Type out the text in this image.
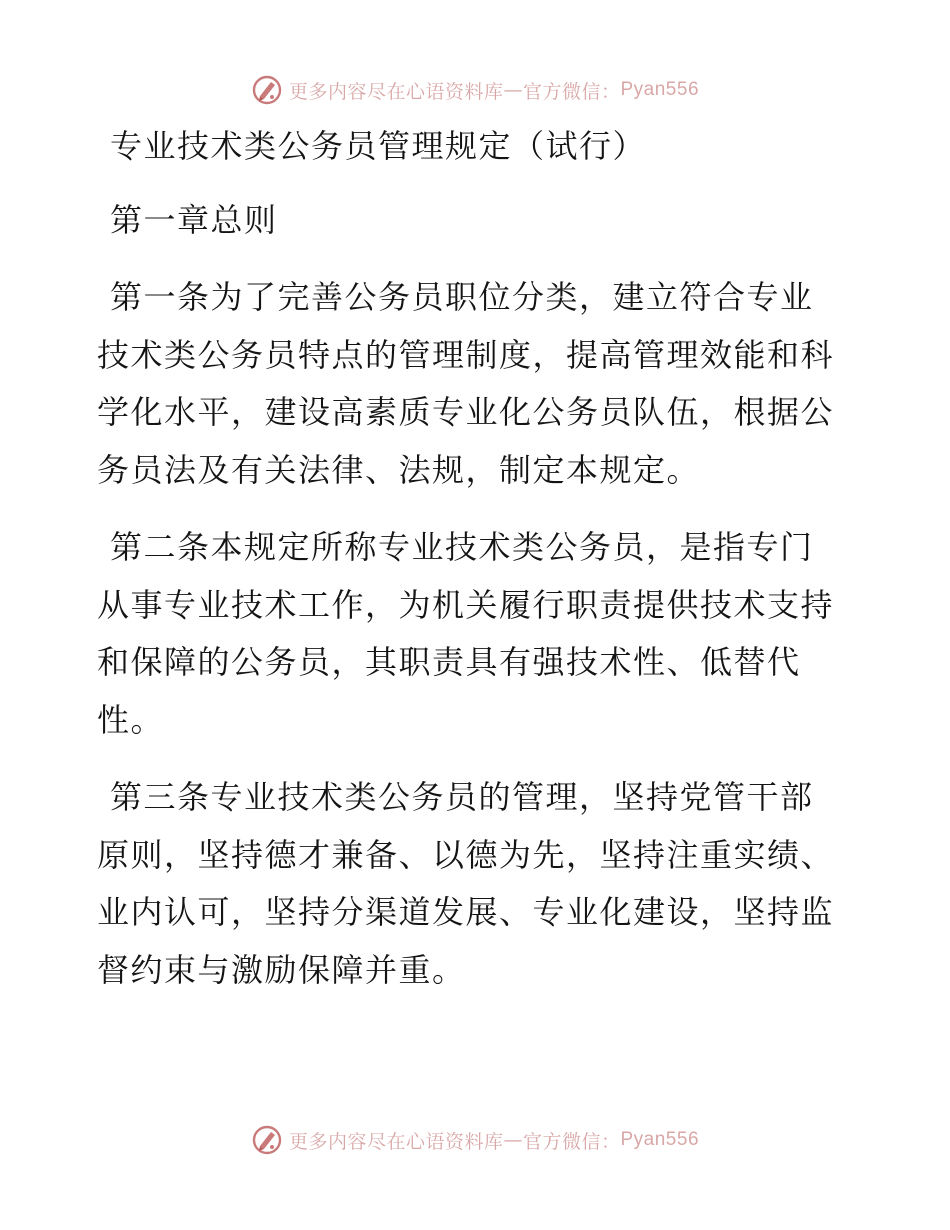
更多内容尽在心语资料库 — 官方微信： Pyan556
专业技术类公务员管理规定（试行）
第一章总则
第一条为了完善公务员职位分类，建立符合专业
技术类公务员特点的管理制度，提高管理效能和科
学化水平，建设高素质专业化公务员队伍，根据公
务员法及有关法律、法规，制定本规定。
第二条本规定所称专业技术类公务员，是指专门
从事专业技术工作，为机关履行职责提供技术支持
和保障的公务员，其职责具有强技术性、低替代
性。
第三条专业技术类公务员的管理，坚持党管干部
原则，坚持德才兼备、以德为先，坚持注重实绩、
业内认可，坚持分渠道发展、专业化建设，坚持监
督约束与激励保障并重。
更多内容尽在心语资料库 — 官方微信： Pyan556
